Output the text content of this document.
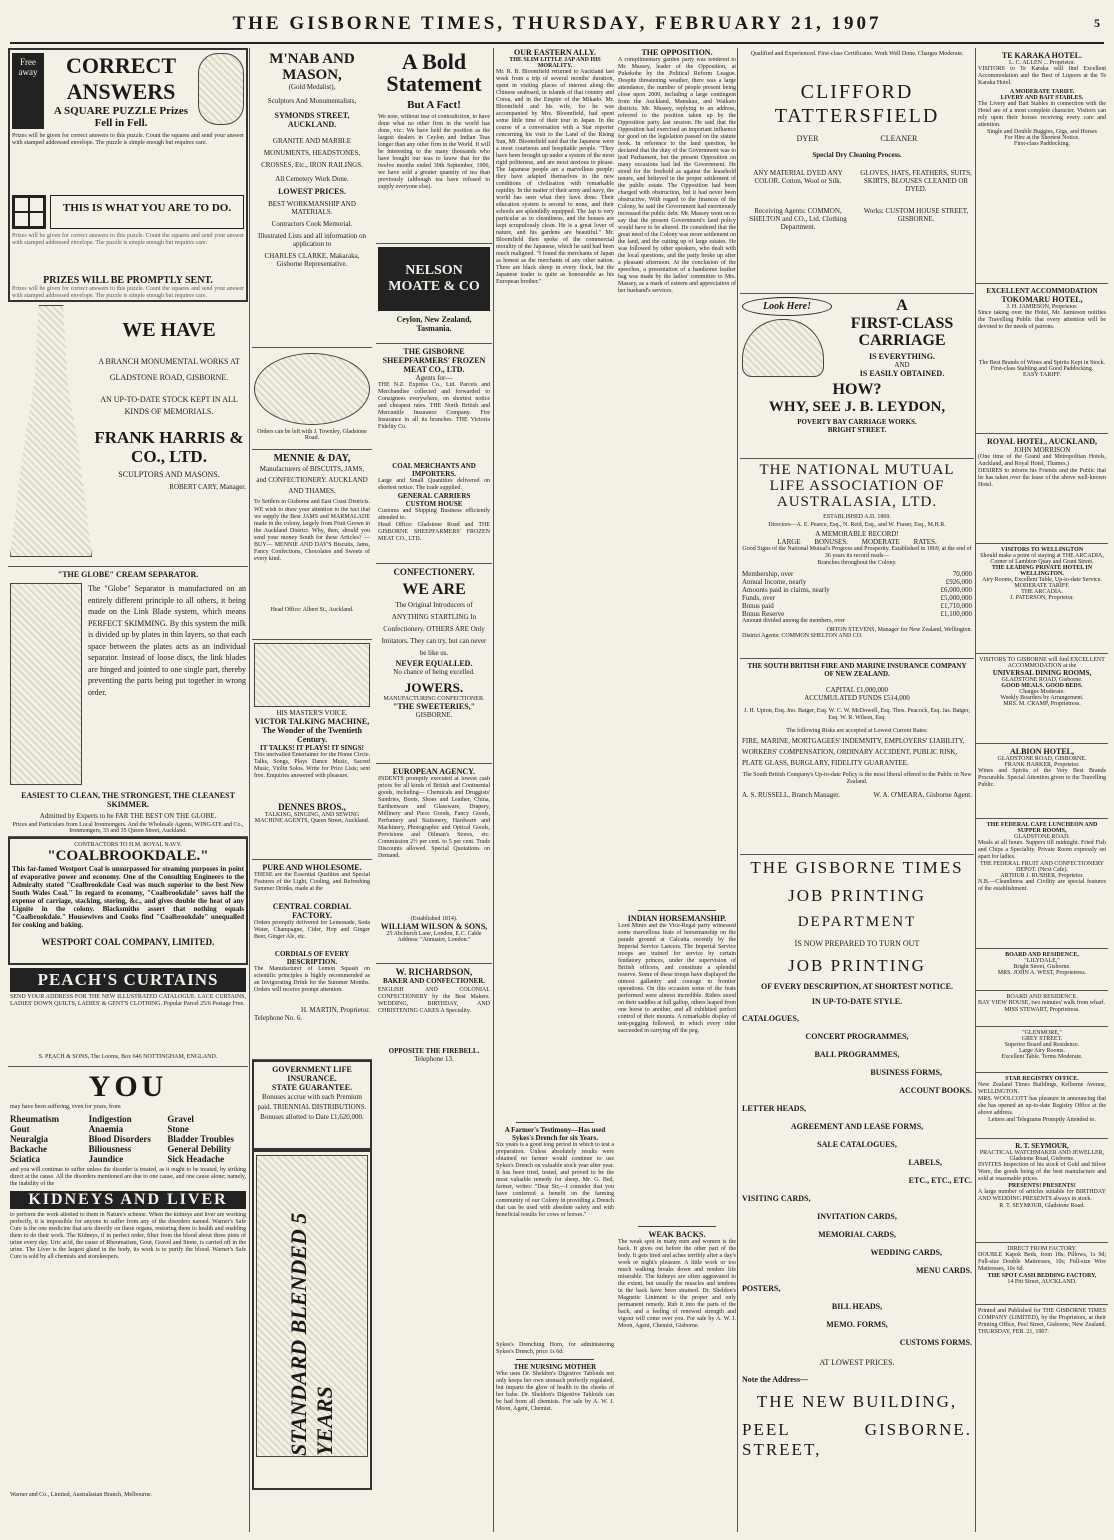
THE GISBORNE TIMES, THURSDAY, FEBRUARY 21, 1907	5
Free away	CORRECT ANSWERS
A SQUARE PUZZLE Prizes Fell in Fell.
Prizes will be given for correct answers to this puzzle. Count the squares and send your answer with stamped addressed envelope. The puzzle is simple enough but requires care.
THIS IS WHAT YOU ARE TO DO.
Prizes will be given for correct answers to this puzzle. Count the squares and send your answer with stamped addressed envelope. The puzzle is simple enough but requires care.
PRIZES WILL BE PROMPTLY SENT.
Prizes will be given for correct answers to this puzzle. Count the squares and send your answer with stamped addressed envelope. The puzzle is simple enough but requires care.
WE HAVE
A BRANCH MONUMENTAL WORKS AT GLADSTONE ROAD, GISBORNE.
AN UP-TO-DATE STOCK KEPT IN ALL KINDS OF MEMORIALS.
FRANK HARRIS & CO., LTD.
SCULPTORS AND MASONS.
ROBERT CARY, Manager.
"THE GLOBE" CREAM SEPARATOR.
The "Globe" Separator is manufactured on an entirely different principle to all others, it being made on the Link Blade system, which means PERFECT SKIMMING. By this system the milk is divided up by plates in thin layers, so that each space between the plates acts as an individual separator. Instead of loose discs, the link blades are hinged and jointed to one single part, thereby preventing the parts being put together in wrong order.
EASIEST TO CLEAN, THE STRONGEST, THE CLEANEST SKIMMER.
Admitted by Experts to be FAR THE BEST ON THE GLOBE.
Prices and Particulars from Local Ironmongers. And the Wholesale Agents, WINGATE and Co., Ironmongers, 33 and 35 Queen Street, Auckland.
CONTRACTORS TO H.M. ROYAL NAVY.
"COALBROOKDALE."
This far-famed Westport Coal is unsurpassed for steaming purposes in point of evaporative power and economy. One of the Consulting Engineers to the Admiralty stated "Coalbrookdale Coal was much superior to the best New South Wales Coal." In regard to economy, "Coalbrookdale" saves half the expense of carriage, stacking, storing, &c., and gives double the heat of any Lignite in the colony. Blacksmiths assert that nothing equals "Coalbrookdale." Housewives and Cooks find "Coalbrookdale" unequalled for cooking and baking.
WESTPORT COAL COMPANY, LIMITED.
PEACH'S CURTAINS
SEND YOUR ADDRESS FOR THE NEW ILLUSTRATED CATALOGUE. LACE CURTAINS, LADIES' DOWN QUILTS, LADIES' & GENT'S CLOTHING. Popular Parcel 25/6 Postage Free.
S. PEACH & SONS, The Looms, Box 646 NOTTINGHAM, ENGLAND.
YOU
may have been suffering, even for years, from
Rheumatism	Indigestion	Gravel
Gout	Anaemia	Stone
Neuralgia	Blood Disorders	Bladder Troubles
Backache	Biliousness	General Debility
Sciatica	Jaundice	Sick Headache
and you will continue to suffer unless the disorder is treated, as it ought to be treated, by striking direct at the cause. All the disorders mentioned are due to one cause, and one cause alone; namely, the inability of the
KIDNEYS AND LIVER
to perform the work allotted to them in Nature's scheme. When the kidneys and liver are working perfectly, it is impossible for anyone to suffer from any of the disorders named. Warner's Safe Cure is the one medicine that acts directly on these organs, restoring them to health and enabling them to do their work. The Kidneys, if in perfect order, filter from the blood about three pints of urine every day. Uric acid, the cause of Rheumatism, Gout, Gravel and Stone, is carried off in the urine. The Liver is the largest gland in the body, its work is to purify the blood. Warner's Safe Cure is sold by all chemists and storekeepers.
Warner and Co., Limited, Australasian Branch, Melbourne.
M'NAB AND MASON,
(Gold Medalist),
Sculptors And Monumentalists,
SYMONDS STREET, AUCKLAND.
GRANITE AND MARBLE MONUMENTS, HEADSTONES, CROSSES, Etc., IRON RAILINGS.
All Cemetery Work Done.
LOWEST PRICES.
BEST WORKMANSHIP AND MATERIALS.
Contractors Cook Memorial.
Illustrated Lists and all information on application to
CHARLES CLARKE, Makaraka,
Gisborne Representative.
Orders can be left with J. Townley, Gladstone Road.
MENNIE & DAY,
Manufacturers of BISCUITS, JAMS, and CONFECTIONERY. AUCKLAND AND THAMES.
To Settlers in Gisborne and East Coast Districts.
WE wish to draw your attention to the fact that we supply the Best JAMS and MARMALADE made in the colony, largely from Fruit Grown in the Auckland District. Why, then, should you send your money South for these Articles? —BUY— MENNIE AND DAY'S Biscuits, Jams, Fancy Confections, Chocolates and Sweets of every kind.
Head Office: Albert St., Auckland.
HIS MASTER'S VOICE.
VICTOR TALKING MACHINE, The Wonder of the Twentieth Century.
IT TALKS! IT PLAYS! IT SINGS!
This unrivalled Entertainer for the Home Circle. Talks, Songs, Plays Dance Music, Sacred Music, Violin Solos. Write for Price Lists; sent free. Enquiries answered with pleasure.
DENNES BROS.,
TALKING, SINGING, AND SEWING MACHINE AGENTS, Queen Street, Auckland.
PURE AND WHOLESOME.
THESE are the Essential Qualities and Special Features of the Light, Cooling, and Refreshing Summer Drinks, made at the
CENTRAL CORDIAL FACTORY.
Orders promptly delivered for Lemonade, Soda Water, Champagne, Cider, Hop and Ginger Beer, Ginger Ale, etc.
CORDIALS OF EVERY DESCRIPTION.
The Manufacturer of Lemon Squash on scientific principles is highly recommended as an Invigorating Drink for the Summer Months. Orders will receive prompt attention.
H. MARTIN, Proprietor.
Telephone No. 6.
GOVERNMENT LIFE INSURANCE.
STATE GUARANTEE.
Bonuses accrue with each Premium paid. TRIENNIAL DISTRIBUTIONS. Bonuses allotted to Date £1,620,000.
STANDARD BLENDED 5 YEARS
A Bold Statement
But A Fact!
We note, without fear of contradiction, to have done what no other firm in the world has done, viz.: We have held the position as the largest dealers in Ceylon and Indian Teas longer than any other firm in the World. It will be interesting to the many thousands who have bought our teas to know that for the twelve months ended 30th September, 1906, we have sold a greater quantity of tea than previously (although tea have refused to supply everyone else).
NELSON MOATE & CO
Ceylon, New Zealand, Tasmania.
THE GISBORNE SHEEPFARMERS' FROZEN MEAT CO., LTD.
Agents for—
THE N.Z. Express Co., Ltd. Parcels and Merchandise collected and forwarded to Consignees everywhere, on shortest notice and cheapest rates. THE North British and Mercantile Insurance Company. Fire Insurance in all its branches. THE Victoria Fidelity Co.
COAL MERCHANTS AND IMPORTERS.
Large and Small Quantities delivered on shortest notice. The trade supplied.
GENERAL CARRIERS
CUSTOM HOUSE
Customs and Shipping Business efficiently attended to.
Head Office: Gladstone Road and THE GISBORNE SHEEPFARMERS' FROZEN MEAT CO., LTD.
CONFECTIONERY.
WE ARE
The Original Introducers of ANYTHING STARTLING In Confectionery. OTHERS ARE Only Imitators. They can try, but can never be like us.
NEVER EQUALLED.
No chance of being excelled.
JOWERS.
MANUFACTURING CONFECTIONER.
"THE SWEETERIES,"
GISBORNE.
EUROPEAN AGENCY.
INDENTS promptly executed at lowest cash prices for all kinds of British and Continental goods, including— Chemicals and Druggists' Sundries, Boots, Shoes and Leather, China, Earthenware and Glassware, Drapery, Millinery and Piece Goods, Fancy Goods, Perfumery and Stationery, Hardware and Machinery, Photographic and Optical Goods, Provisions and Oilman's Stores, etc. Commission 2½ per cent. to 5 per cent. Trade Discounts allowed. Special Quotations on Demand.
(Established 1814).
WILLIAM WILSON & SONS,
25 Abchurch Lane, London, E.C. Cable Address: "Annuaire, London."
W. RICHARDSON,
BAKER AND CONFECTIONER.
ENGLISH AND COLONIAL CONFECTIONERY by the Best Makers. WEDDING, BIRTHDAY, AND CHRISTENING CAKES A Speciality.
OPPOSITE THE FIREBELL.
Telephone 13.
OUR EASTERN ALLY.
THE SLIM LITTLE JAP AND HIS MORALITY.
Mr. R. B. Bloomfield returned to Auckland last week from a trip of several months' duration, spent in visiting places of interest along the Chinese seaboard, in islands of that country and Corea, and in the Empire of the Mikado. Mr. Bloomfield and his wife, for he was accompanied by Mrs. Bloomfield, had spent some little time of their tour in Japan. In the course of a conversation with a Star reporter concerning his visit to the Land of the Rising Sun, Mr. Bloomfield said that the Japanese were a most courteous and hospitable people. "They have been brought up under a system of the most rigid politeness, and are most anxious to please. The Japanese people are a marvellous people; they have adapted themselves to the new conditions of civilisation with remarkable rapidity. In the matter of their army and navy, the world has seen what they have done. Their education system is second to none, and their schools are splendidly equipped. The Jap is very particular as to cleanliness, and the houses are kept scrupulously clean. He is a great lover of nature, and his gardens are beautiful." Mr. Bloomfield then spoke of the commercial morality of the Japanese, which he said had been much maligned. "I found the merchants of Japan as honest as the merchants of any other nation. There are black sheep in every flock, but the Japanese trader is quite as honourable as his European brother."
A Farmer's Testimony—Has used Sykes's Drench for six Years.
Six years is a good long period in which to test a preparation. Unless absolutely results were obtained no farmer would continue to use Sykes's Drench on valuable stock year after year. It has been tried, tested, and proved to be the most valuable remedy for sheep. Mr. G. Bed, farmer, writes: "Dear Sir,—I consider that you have conferred a benefit on the farming community of our Colony in providing a Drench that can be used with absolute safety and with beneficial results for cows or horses."
Sykes's Drenching Horn, for administering Sykes's Drench, price 1s 6d.
THE NURSING MOTHER
Who uses Dr. Sheldon's Digestive Tabloids not only keeps her own stomach perfectly regulated, but imparts the glow of health to the cheeks of her babe. Dr. Sheldon's Digestive Tabloids can be had from all chemists. For sale by A. W. J. Moon, Agent, Chemist.
THE OPPOSITION.
A complimentary garden party was tendered to Mr. Massey, leader of the Opposition, at Pukekohe by the Political Reform League. Despite threatening weather, there was a large attendance, the number of people present being close upon 2000, including a large contingent from the Auckland, Manukau, and Waikato districts. Mr. Massey, replying to an address, referred to the position taken up by the Opposition party last session. He said that the Opposition had exercised an important influence for good on the legislation passed on the statute book. In reference to the land question, he declared that the duty of the Government was to lead Parliament, but the present Opposition on many occasions had led the Government. He stood for the freehold as against the leasehold tenure, and believed in the proper settlement of the public estate. The Opposition had been charged with obstruction, but it had never been obstructive. With regard to the finances of the Colony, he said the Government had enormously increased the public debt. Mr. Massey went on to say that the present Government's land policy would have to be altered. He considered that the great need of the Colony was more settlement on the land, and the cutting up of large estates. He was followed by other speakers, who dealt with the local questions, and the party broke up after a pleasant afternoon. At the conclusion of the speeches, a presentation of a handsome leather bag was made by the ladies' committee to Mrs. Massey, as a mark of esteem and appreciation of her husband's services.
INDIAN HORSEMANSHIP.
Lord Minto and the Vice-Regal party witnessed some marvellous feats of horsemanship on the parade ground at Calcutta recently by the Imperial Service Lancers. The Imperial Service troops are trained for service by certain feudatory princes, under the supervision of British officers, and constitute a splendid reserve. Some of these troops have displayed the utmost gallantry and courage in frontier operations. On this occasion some of the feats performed were almost incredible. Riders stood on their saddles at full gallop, others leaped from one horse to another, and all exhibited perfect control of their mounts. A remarkable display of tent-pegging followed, in which every rider succeeded in carrying off the peg.
WEAK BACKS.
The weak spot in many men and women is the back. It gives out before the other part of the body. It gets tired and aches terribly after a day's work or night's pleasure. A little work or too much walking breaks down and renders life miserable. The kidneys are often aggravated to the extent, but usually the muscles and tendons in the back have been strained. Dr. Sheldon's Magnetic Liniment is the proper and only permanent remedy. Rub it into the parts of the back, and a feeling of renewed strength and vigour will come over you. For sale by A. W. J. Moon, Agent, Chemist, Gisborne.
Qualified and Experienced. First-class Certificates. Work Well Done. Charges Moderate.
CLIFFORD TATTERSFIELD
DYER CLEANER
Special Dry Cleaning Process.
ANY MATERIAL DYED ANY COLOR. Cotton, Wool or Silk.
GLOVES, HATS, FEATHERS, SUITS, SKIRTS, BLOUSES CLEANED OR DYED.
Receiving Agents: COMMON, SHELTON and CO., Ltd. Clothing Department.
Works: CUSTOM HOUSE STREET, GISBORNE.
Look Here!	A
FIRST-CLASS CARRIAGE
IS EVERYTHING.
AND
IS EASILY OBTAINED.
HOW?
WHY, SEE J. B. LEYDON,
POVERTY BAY CARRIAGE WORKS.
BRIGHT STREET.
THE NATIONAL MUTUAL LIFE ASSOCIATION OF AUSTRALASIA, LTD.
ESTABLISHED A.D. 1869.
Directors—A. E. Pearce, Esq., N. Reid, Esq., and W. Fraser, Esq., M.H.R.
A MEMORABLE RECORD!
LARGE BONUSES. MODERATE RATES.
Good Signs of the National Mutual's Progress and Prosperity. Established in 1869, at the end of 36 years its record reads—
Branches throughout the Colony.
Membership, over	70,000
Annual Income, nearly	£926,000
Amounts paid in claims, nearly	£6,000,000
Funds, over	£5,000,000
Bonus paid	£1,710,000
Bonus Reserve	£1,100,000
Amount divided among the members, over
ORTON STEVENS, Manager for New Zealand, Wellington.
District Agents: COMMON SHELTON AND CO.
THE SOUTH BRITISH FIRE AND MARINE INSURANCE COMPANY OF NEW ZEALAND.
CAPITAL £1,000,000
ACCUMULATED FUNDS £514,000
J. H. Upton, Esq. Jno. Batger, Esq. W. C. W. McDowell, Esq. Thos. Peacock, Esq. Jas. Batger, Esq. W. R. Wilson, Esq.
The following Risks are accepted at Lowest Current Rates:
FIRE, MARINE, MORTGAGEES' INDEMNITY, EMPLOYERS' LIABILITY, WORKERS' COMPENSATION, ORDINARY ACCIDENT, PUBLIC RISK, PLATE GLASS, BURGLARY, FIDELITY GUARANTEE.
The South British Company's Up-to-date Policy is the most liberal offered to the Public in New Zealand.
A. S. RUSSELL, Branch Manager.	W. A. O'MEARA, Gisborne Agent.
THE GISBORNE TIMES
JOB PRINTING
DEPARTMENT
IS NOW PREPARED TO TURN OUT
JOB PRINTING
OF EVERY DESCRIPTION, AT SHORTEST NOTICE.
IN UP-TO-DATE STYLE.
CATALOGUES,
CONCERT PROGRAMMES,
BALL PROGRAMMES,
BUSINESS FORMS,
ACCOUNT BOOKS.
LETTER HEADS,
AGREEMENT AND LEASE FORMS,
SALE CATALOGUES,
LABELS,
ETC., ETC., ETC.
VISITING CARDS,
INVITATION CARDS,
MEMORIAL CARDS,
WEDDING CARDS,
MENU CARDS.
POSTERS,
BILL HEADS,
MEMO. FORMS,
CUSTOMS FORMS.
AT LOWEST PRICES.
Note the Address—
THE NEW BUILDING,
PEEL STREET,
GISBORNE.
TE KARAKA HOTEL.
L. C. ALLEN ... Proprietor.
VISITORS to Te Karaka will find Excellent Accommodation and the Best of Liquors at the Te Karaka Hotel.
A MODERATE TARIFF.
LIVERY AND BAIT STABLES.
The Livery and Bait Stables in connection with the Hotel are of a most complete character. Visitors can rely upon their horses receiving every care and attention.
Single and Double Buggies, Gigs, and Horses
For Hire at the Shortest Notice.
First-class Paddocking.
EXCELLENT ACCOMMODATION
TOKOMARU HOTEL,
J. H. JAMIESON, Proprietor.
Since taking over the Hotel, Mr. Jamieson notifies the Travelling Public that every attention will be devoted to the needs of patrons.
The Best Brands of Wines and Spirits Kept in Stock.
First-class Stabling and Good Paddocking.
EASY TARIFF.
ROYAL HOTEL, AUCKLAND,
JOHN MORRISON
(One time of the Grand and Metropolitan Hotels, Auckland, and Royal Hotel, Thames.)
DESIRES to inform his Friends and the Public that he has taken over the lease of the above well-known Hotel.
VISITORS TO WELLINGTON
Should make a point of staying at THE ARCADIA,
Corner of Lambton Quay and Grant Street.
THE LEADING PRIVATE HOTEL IN WELLINGTON.
Airy Rooms, Excellent Table, Up-to-date Service.
MODERATE TARIFF.
THE ARCADIA.
J. PATERSON, Proprietor.
VISITORS TO GISBORNE will find EXCELLENT ACCOMMODATION at the
UNIVERSAL DINING ROOMS,
GLADSTONE ROAD, Gisborne.
GOOD MEALS. GOOD BEDS.
Charges Moderate.
Weekly Boarders by Arrangement.
MRS. M. CRAMP, Proprietress.
ALBION HOTEL,
GLADSTONE ROAD, GISBORNE.
FRANK HARKER, Proprietor.
Wines and Spirits of the Very Best Brands Procurable. Special Attention given to the Travelling Public.
THE FEDERAL CAFE LUNCHEON AND SUPPER ROOMS,
GLADSTONE ROAD.
Meals at all hours. Suppers till midnight. Fried Fish and Chips a Speciality. Private Room expressly set apart for ladies.
THE FEDERAL FRUIT AND CONFECTIONERY DEPOT. (Next Cafe).
ARTHUR J. RUSHER, Proprietor.
N.B.—Cleanliness and Civility are special features of the establishment.
BOARD AND RESIDENCE,
"LILYDALE,"
Bright Street, Gisborne.
MRS. JOHN A. WEST, Proprietress.
BOARD AND RESIDENCE.
BAY VIEW HOUSE, two minutes' walk from wharf.
MISS STEWART, Proprietress.
"GLENMORE,"
GREY STREET.
Superior Board and Residence.
Large Airy Rooms.
Excellent Table. Terms Moderate.
STAR REGISTRY OFFICE.
New Zealand Times Buildings, Kelburne Avenue, WELLINGTON.
MRS. WOOLCOTT has pleasure in announcing that she has opened an up-to-date Registry Office at the above address.
Letters and Telegrams Promptly Attended to.
R. T. SEYMOUR,
PRACTICAL WATCHMAKER AND JEWELLER,
Gladstone Road, Gisborne.
INVITES Inspection of his stock of Gold and Silver Ware, the goods being of the best manufacture and sold at reasonable prices.
PRESENTS! PRESENTS!
A large number of articles suitable for BIRTHDAY AND WEDDING PRESENTS always in stock.
R. T. SEYMOUR, Gladstone Road.
DIRECT FROM FACTORY.
DOUBLE Kapok Beds, from 18s; Pillows, 1s 9d; Full-size Double Mattresses, 10s; Full-size Wire Mattresses, 10s 6d.
THE SPOT CASH BEDDING FACTORY,
14 Pitt Street, AUCKLAND.
Printed and Published for THE GISBORNE TIMES COMPANY (LIMITED), by the Proprietors, at their Printing Office, Peel Street, Gisborne, New Zealand. THURSDAY, FEB. 21, 1907.
